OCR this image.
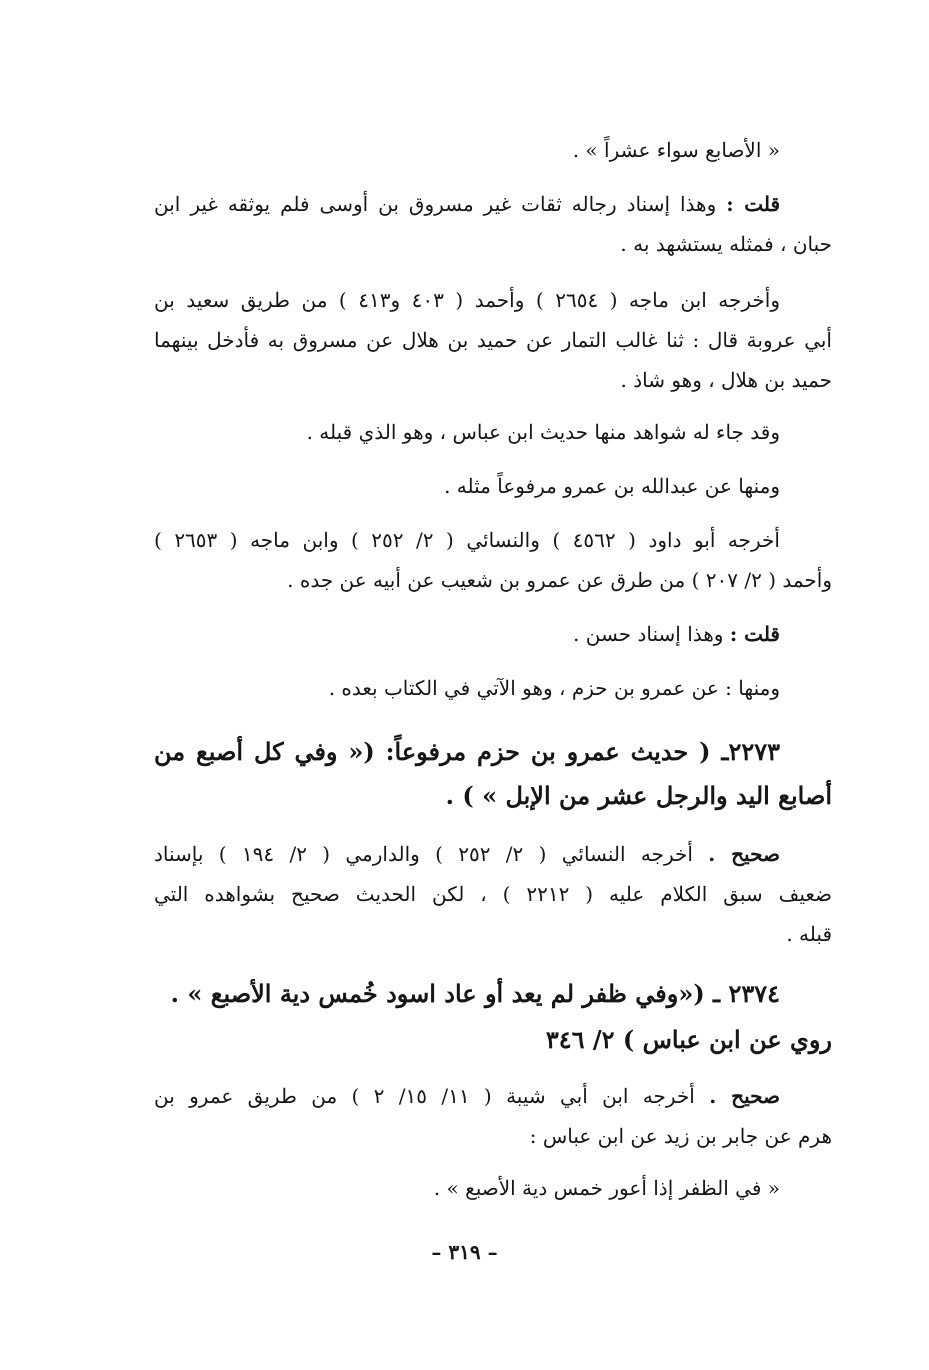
« الأصابع سواء عشراً » .
قلت : وهذا إسناد رجاله ثقات غير مسروق بن أوسى فلم يوثقه غير ابن
حبان ، فمثله يستشهد به .
وأخرجه ابن ماجه ( ٢٦٥٤ ) وأحمد ( ٤٠٣ و٤١٣ ) من طريق سعيد بن
أبي عروبة قال : ثنا غالب التمار عن حميد بن هلال عن مسروق به فأدخل بينهما
حميد بن هلال ، وهو شاذ .
وقد جاء له شواهد منها حديث ابن عباس ، وهو الذي قبله .
ومنها عن عبدالله بن عمرو مرفوعاً مثله .
أخرجه أبو داود ( ٤٥٦٢ ) والنسائي ( ٢/ ٢٥٢ ) وابن ماجه ( ٢٦٥٣ )
وأحمد ( ٢/ ٢٠٧ ) من طرق عن عمرو بن شعيب عن أبيه عن جده .
قلت : وهذا إسناد حسن .
ومنها : عن عمرو بن حزم ، وهو الآتي في الكتاب بعده .
٢٢٧٣ـ ( حديث عمرو بن حزم مرفوعاً: (« وفي كل أصبع من
أصابع اليد والرجل عشر من الإبل » ) .
صحيح . أخرجه النسائي ( ٢/ ٢٥٢ ) والدارمي ( ٢/ ١٩٤ ) بإسناد
ضعيف سبق الكلام عليه ( ٢٢١٢ ) ، لكن الحديث صحيح بشواهده التي
قبله .
٢٣٧٤ ـ («وفي ظفر لم يعد أو عاد اسود خُمس دية الأصبع » .
روي عن ابن عباس ) ٢/ ٣٤٦
صحيح . أخرجه ابن أبي شيبة ( ١١/ ١٥/ ٢ ) من طريق عمرو بن
هرم عن جابر بن زيد عن ابن عباس :
« في الظفر إذا أعور خمس دية الأصبع » .
– ٣١٩ –
